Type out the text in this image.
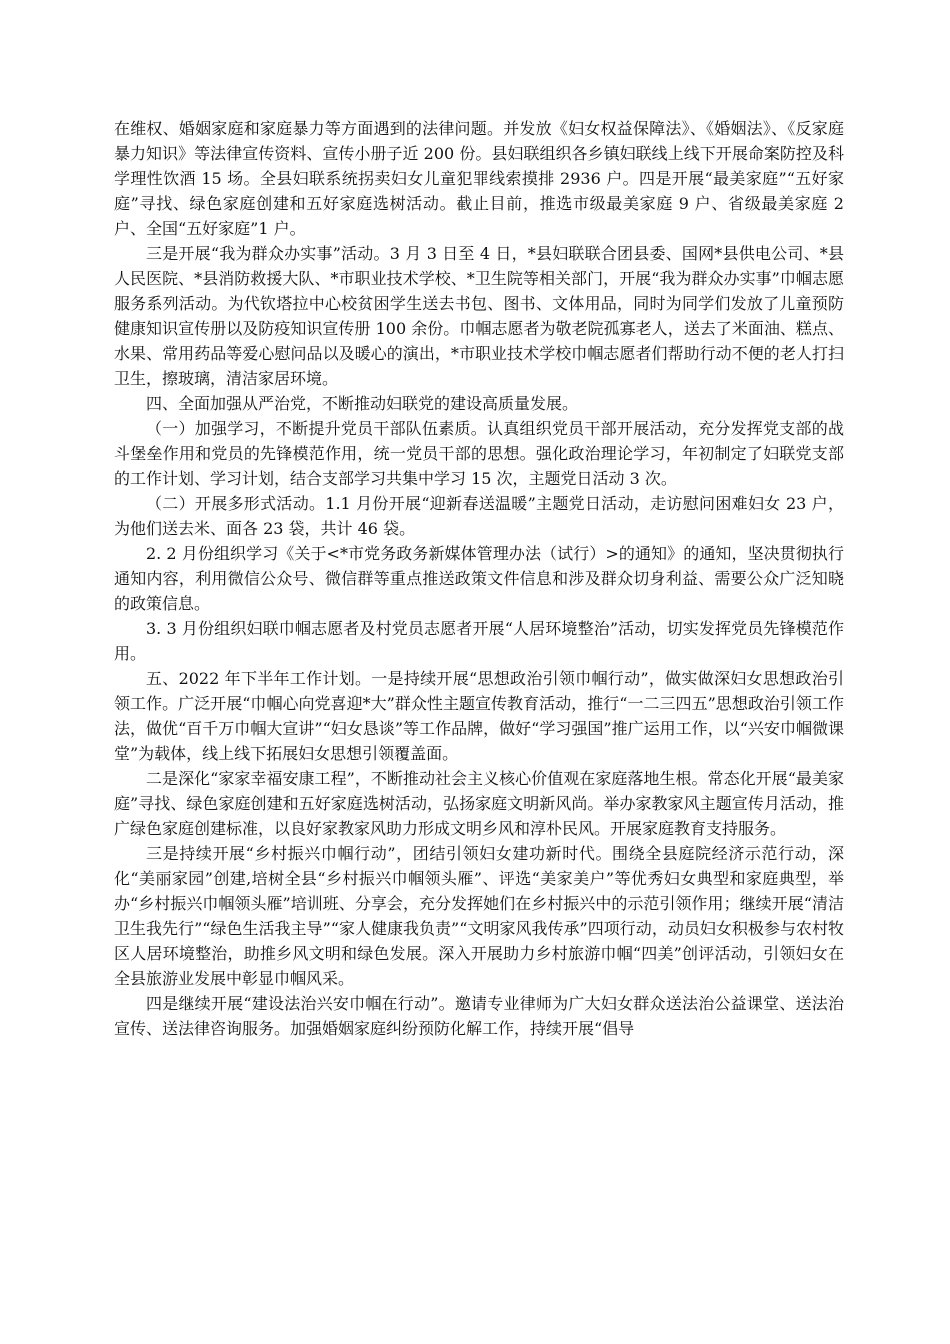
在维权、婚姻家庭和家庭暴力等方面遇到的法律问题。并发放《妇女权益保障法》、《婚姻法》、《反家庭暴力知识》等法律宣传资料、宣传小册子近 200 份。县妇联组织各乡镇妇联线上线下开展命案防控及科学理性饮酒 15 场。全县妇联系统拐卖妇女儿童犯罪线索摸排 2936 户。四是开展“最美家庭”“五好家庭”寻找、绿色家庭创建和五好家庭选树活动。截止目前，推选市级最美家庭 9 户、省级最美家庭 2 户、全国“五好家庭”1 户。

三是开展“我为群众办实事”活动。3 月 3 日至 4 日，*县妇联联合团县委、国网*县供电公司、*县人民医院、*县消防救援大队、*市职业技术学校、*卫生院等相关部门，开展“我为群众办实事”巾帼志愿服务系列活动。为代钦塔拉中心校贫困学生送去书包、图书、文体用品，同时为同学们发放了儿童预防健康知识宣传册以及防疫知识宣传册 100 余份。巾帼志愿者为敬老院孤寡老人，送去了米面油、糕点、水果、常用药品等爱心慰问品以及暖心的演出，*市职业技术学校巾帼志愿者们帮助行动不便的老人打扫卫生，擦玻璃，清洁家居环境。

四、全面加强从严治党，不断推动妇联党的建设高质量发展。

（一）加强学习，不断提升党员干部队伍素质。认真组织党员干部开展活动，充分发挥党支部的战斗堡垒作用和党员的先锋模范作用，统一党员干部的思想。强化政治理论学习，年初制定了妇联党支部的工作计划、学习计划，结合支部学习共集中学习 15 次，主题党日活动 3 次。

（二）开展多形式活动。1.1 月份开展“迎新春送温暖”主题党日活动，走访慰问困难妇女 23 户，为他们送去米、面各 23 袋，共计 46 袋。

2. 2 月份组织学习《关于<*市党务政务新媒体管理办法（试行）>的通知》的通知，坚决贯彻执行通知内容，利用微信公众号、微信群等重点推送政策文件信息和涉及群众切身利益、需要公众广泛知晓的政策信息。

3. 3 月份组织妇联巾帼志愿者及村党员志愿者开展“人居环境整治”活动，切实发挥党员先锋模范作用。

五、2022 年下半年工作计划。一是持续开展“思想政治引领巾帼行动”，做实做深妇女思想政治引领工作。广泛开展“巾帼心向党喜迎*大”群众性主题宣传教育活动，推行“一二三四五”思想政治引领工作法，做优“百千万巾帼大宣讲”“妇女恳谈”等工作品牌，做好“学习强国”推广运用工作，以“兴安巾帼微课堂”为载体，线上线下拓展妇女思想引领覆盖面。

二是深化“家家幸福安康工程”，不断推动社会主义核心价值观在家庭落地生根。常态化开展“最美家庭”寻找、绿色家庭创建和五好家庭选树活动，弘扬家庭文明新风尚。举办家教家风主题宣传月活动，推广绿色家庭创建标准，以良好家教家风助力形成文明乡风和淳朴民风。开展家庭教育支持服务。

三是持续开展“乡村振兴巾帼行动”，团结引领妇女建功新时代。围绕全县庭院经济示范行动，深化“美丽家园”创建,培树全县“乡村振兴巾帼领头雁”、评选“美家美户”等优秀妇女典型和家庭典型，举办“乡村振兴巾帼领头雁”培训班、分享会，充分发挥她们在乡村振兴中的示范引领作用；继续开展“清洁卫生我先行”“绿色生活我主导”“家人健康我负责”“文明家风我传承”四项行动，动员妇女积极参与农村牧区人居环境整治，助推乡风文明和绿色发展。深入开展助力乡村旅游巾帼“四美”创评活动，引领妇女在全县旅游业发展中彰显巾帼风采。

四是继续开展“建设法治兴安巾帼在行动”。邀请专业律师为广大妇女群众送法治公益课堂、送法治宣传、送法律咨询服务。加强婚姻家庭纠纷预防化解工作，持续开展“倡导
